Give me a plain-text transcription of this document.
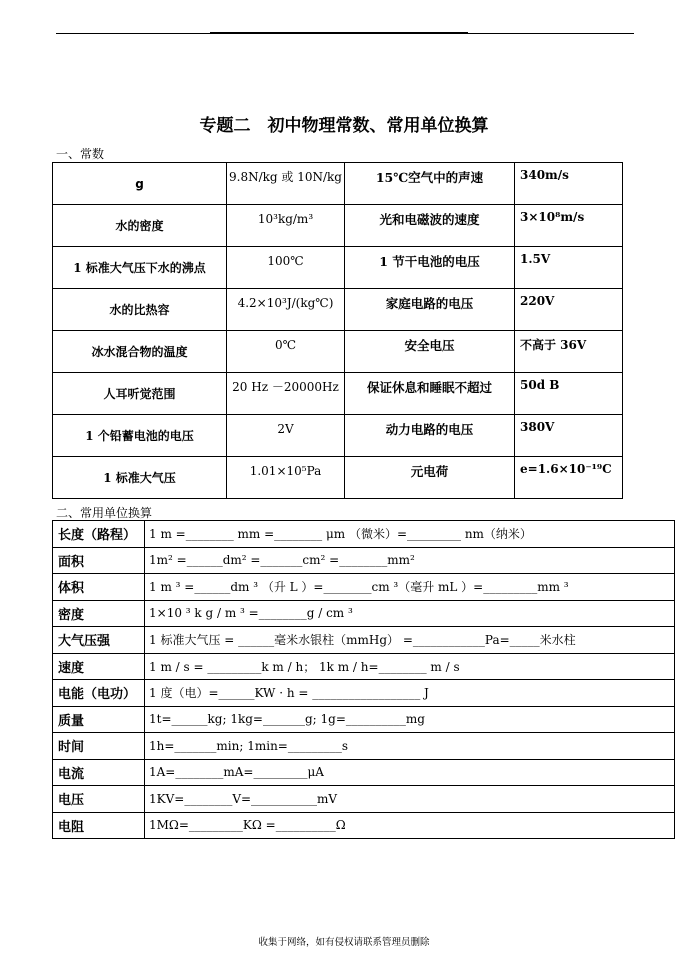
专题二　初中物理常数、常用单位换算
一、常数
g	9.8N/kg 或 10N/kg	15℃空气中的声速	340m/s
水的密度	10³kg/m³	光和电磁波的速度	3×10⁸m/s
1 标准大气压下水的沸点	100℃	1 节干电池的电压	1.5V
水的比热容	4.2×10³J/(kg℃)	家庭电路的电压	220V
冰水混合物的温度	0℃	安全电压	不高于 36V
人耳听觉范围	20 Hz －20000Hz	保证休息和睡眠不超过	50d B
1 个铅蓄电池的电压	2V	动力电路的电压	380V
1 标准大气压	1.01×10⁵Pa	元电荷	e=1.6×10⁻¹⁹C
二、常用单位换算
长度（路程）	1 m =________ mm =________ μm （微米）=_________ nm（纳米）
面积	1m² =______dm² =_______cm² =________mm²
体积	1 m ³ =______dm ³ （升 L ）=________cm ³（毫升 mL ）=_________mm ³
密度	1×10 ³ k g / m ³ =________g / cm ³
大气压强	1 标准大气压 = ______毫米水银柱（mmHg） =____________Pa=_____米水柱
速度	1 m / s = _________k m / h； 1k m / h=________ m / s
电能（电功）	1 度（电）=______KW · h = __________________ J
质量	1t=______kg; 1kg=_______g; 1g=__________mg
时间	1h=_______min; 1min=_________s
电流	1A=________mA=_________μA
电压	1KV=________V=___________mV
电阻	1MΩ=_________KΩ =__________Ω
收集于网络，如有侵权请联系管理员删除
